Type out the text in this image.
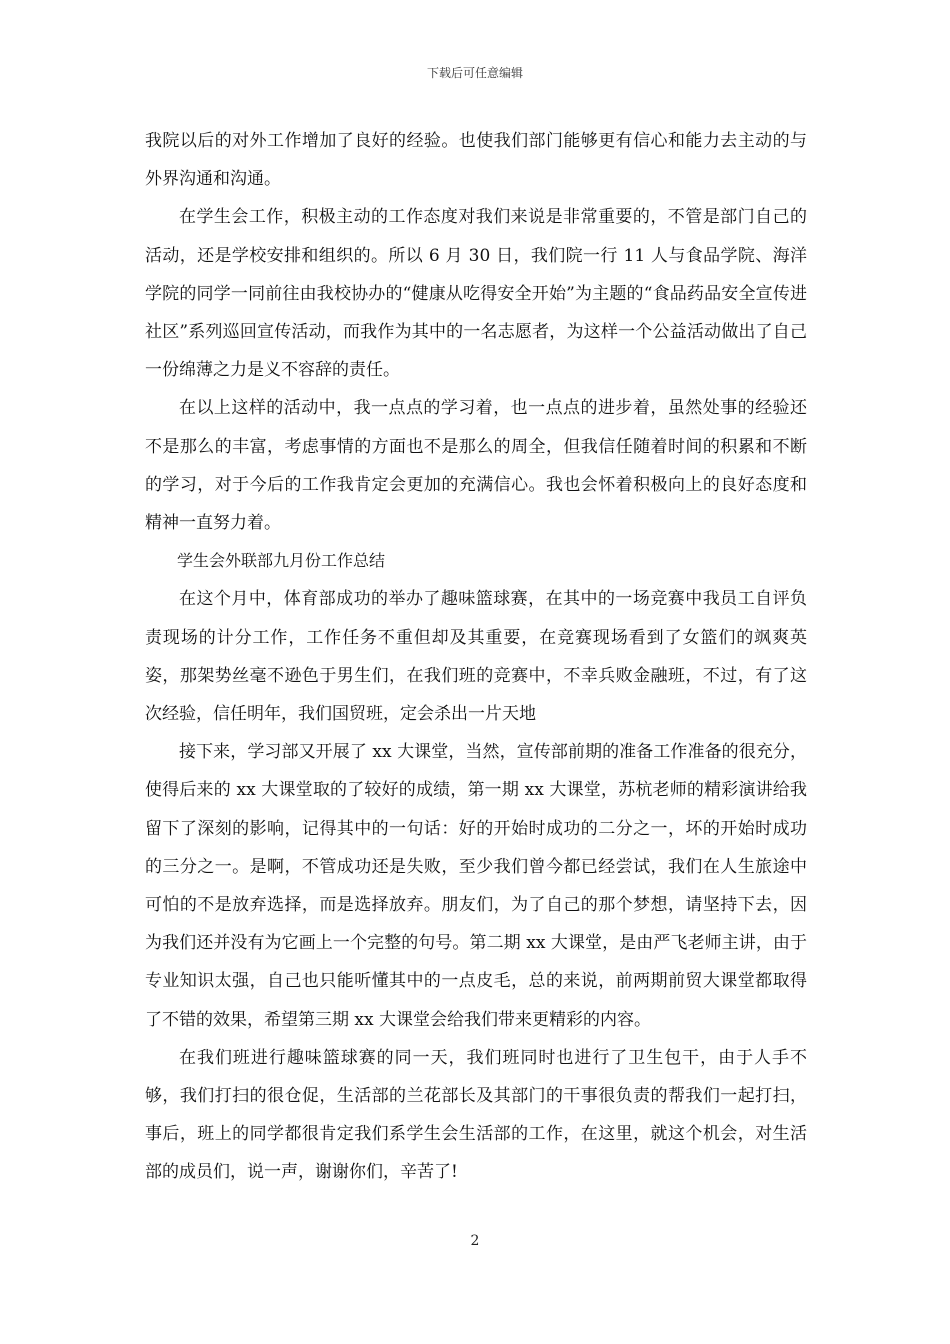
下载后可任意编辑

我院以后的对外工作增加了良好的经验。也使我们部门能够更有信心和能力去主动的与外界沟通和沟通。

在学生会工作，积极主动的工作态度对我们来说是非常重要的，不管是部门自己的活动，还是学校安排和组织的。所以 6 月 30 日，我们院一行 11 人与食品学院、海洋学院的同学一同前往由我校协办的“健康从吃得安全开始”为主题的“食品药品安全宣传进社区”系列巡回宣传活动，而我作为其中的一名志愿者，为这样一个公益活动做出了自己一份绵薄之力是义不容辞的责任。

在以上这样的活动中，我一点点的学习着，也一点点的进步着，虽然处事的经验还不是那么的丰富，考虑事情的方面也不是那么的周全，但我信任随着时间的积累和不断的学习，对于今后的工作我肯定会更加的充满信心。我也会怀着积极向上的良好态度和精神一直努力着。

学生会外联部九月份工作总结

在这个月中，体育部成功的举办了趣味篮球赛，在其中的一场竞赛中我员工自评负责现场的计分工作，工作任务不重但却及其重要，在竞赛现场看到了女篮们的飒爽英姿，那架势丝毫不逊色于男生们，在我们班的竞赛中，不幸兵败金融班，不过，有了这次经验，信任明年，我们国贸班，定会杀出一片天地

接下来，学习部又开展了 xx 大课堂，当然，宣传部前期的准备工作准备的很充分，使得后来的 xx 大课堂取的了较好的成绩，第一期 xx 大课堂，苏杭老师的精彩演讲给我留下了深刻的影响，记得其中的一句话：好的开始时成功的二分之一，坏的开始时成功的三分之一。是啊，不管成功还是失败，至少我们曾今都已经尝试，我们在人生旅途中可怕的不是放弃选择，而是选择放弃。朋友们，为了自己的那个梦想，请坚持下去，因为我们还并没有为它画上一个完整的句号。第二期 xx 大课堂，是由严飞老师主讲，由于专业知识太强，自己也只能听懂其中的一点皮毛，总的来说，前两期前贸大课堂都取得了不错的效果，希望第三期 xx 大课堂会给我们带来更精彩的内容。

在我们班进行趣味篮球赛的同一天，我们班同时也进行了卫生包干，由于人手不够，我们打扫的很仓促，生活部的兰花部长及其部门的干事很负责的帮我们一起打扫，事后，班上的同学都很肯定我们系学生会生活部的工作，在这里，就这个机会，对生活部的成员们，说一声，谢谢你们，辛苦了!

2
